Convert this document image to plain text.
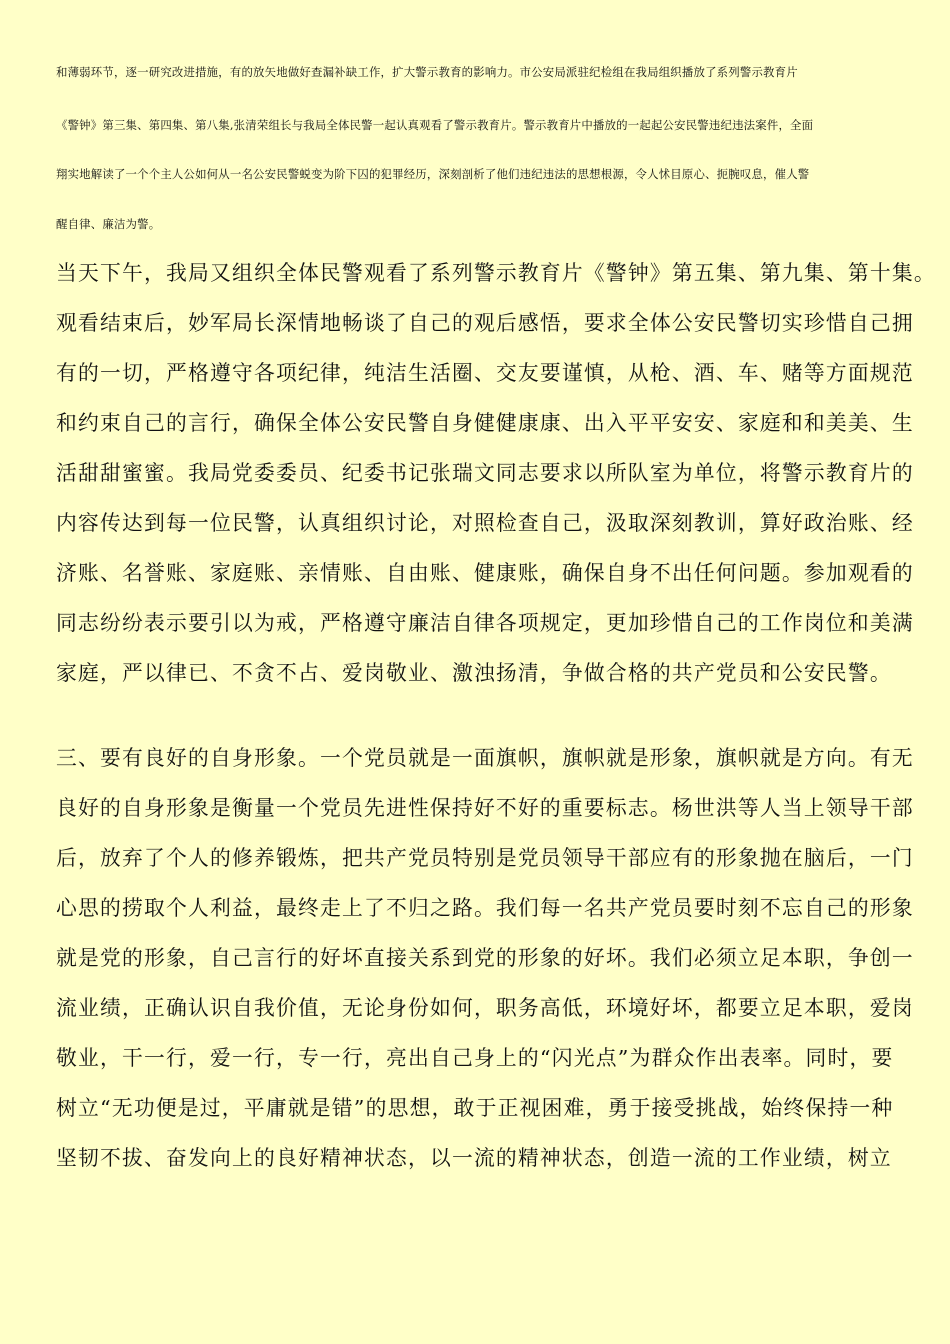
和薄弱环节，逐一研究改进措施，有的放矢地做好查漏补缺工作，扩大警示教育的影响力。市公安局派驻纪检组在我局组织播放了系列警示教育片

《警钟》第三集、第四集、第八集,张清荣组长与我局全体民警一起认真观看了警示教育片。警示教育片中播放的一起起公安民警违纪违法案件，全面

翔实地解读了一个个主人公如何从一名公安民警蜕变为阶下囚的犯罪经历，深刻剖析了他们违纪违法的思想根源，令人怵目原心、扼腕叹息，催人警

醒自律、廉洁为警。

当天下午，我局又组织全体民警观看了系列警示教育片《警钟》第五集、第九集、第十集。

观看结束后，妙军局长深情地畅谈了自己的观后感悟，要求全体公安民警切实珍惜自己拥

有的一切，严格遵守各项纪律，纯洁生活圈、交友要谨慎，从枪、酒、车、赌等方面规范

和约束自己的言行，确保全体公安民警自身健健康康、出入平平安安、家庭和和美美、生

活甜甜蜜蜜。我局党委委员、纪委书记张瑞文同志要求以所队室为单位，将警示教育片的

内容传达到每一位民警，认真组织讨论，对照检查自己，汲取深刻教训，算好政治账、经

济账、名誉账、家庭账、亲情账、自由账、健康账，确保自身不出任何问题。参加观看的

同志纷纷表示要引以为戒，严格遵守廉洁自律各项规定，更加珍惜自己的工作岗位和美满

家庭，严以律已、不贪不占、爱岗敬业、激浊扬清，争做合格的共产党员和公安民警。

三、要有良好的自身形象。一个党员就是一面旗帜，旗帜就是形象，旗帜就是方向。有无

良好的自身形象是衡量一个党员先进性保持好不好的重要标志。杨世洪等人当上领导干部

后，放弃了个人的修养锻炼，把共产党员特别是党员领导干部应有的形象抛在脑后，一门

心思的捞取个人利益，最终走上了不归之路。我们每一名共产党员要时刻不忘自己的形象

就是党的形象，自己言行的好坏直接关系到党的形象的好坏。我们必须立足本职，争创一

流业绩，正确认识自我价值，无论身份如何，职务高低，环境好坏，都要立足本职，爱岗

敬业，干一行，爱一行，专一行，亮出自己身上的“闪光点”为群众作出表率。同时，要

树立“无功便是过，平庸就是错”的思想，敢于正视困难，勇于接受挑战，始终保持一种

坚韧不拔、奋发向上的良好精神状态，以一流的精神状态，创造一流的工作业绩，树立
